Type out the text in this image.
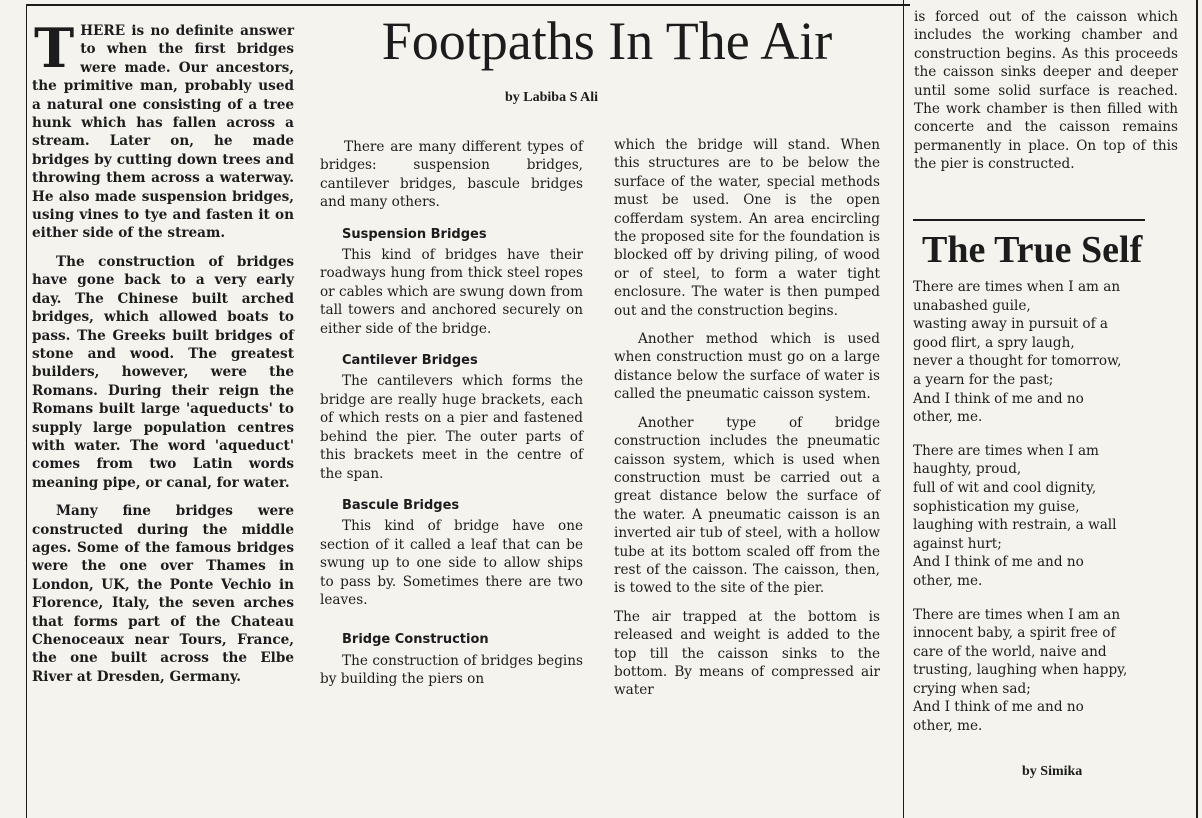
Footpaths In The Air
by Labiba S Ali

T HERE is no definite answer to when the first bridges were made. Our ancestors, the primitive man, probably used a natural one consisting of a tree hunk which has fallen across a stream. Later on, he made bridges by cutting down trees and throwing them across a waterway. He also made suspension bridges, using vines to tye and fasten it on either side of the stream.

The construction of bridges have gone back to a very early day. The Chinese built arched bridges, which allowed boats to pass. The Greeks built bridges of stone and wood. The greatest builders, however, were the Romans. During their reign the Romans built large 'aqueducts' to supply large population centres with water. The word 'aqueduct' comes from two Latin words meaning pipe, or canal, for water.

Many fine bridges were constructed during the middle ages. Some of the famous bridges were the one over Thames in London, UK, the Ponte Vechio in Florence, Italy, the seven arches that forms part of the Chateau Chenoceaux near Tours, France, the one built across the Elbe River at Dresden, Germany.

There are many different types of bridges: suspension bridges, cantilever bridges, bascule bridges and many others.

Suspension Bridges

This kind of bridges have their roadways hung from thick steel ropes or cables which are swung down from tall towers and anchored securely on either side of the bridge.

Cantilever Bridges

The cantilevers which forms the bridge are really huge brackets, each of which rests on a pier and fastened behind the pier. The outer parts of this brackets meet in the centre of the span.

Bascule Bridges

This kind of bridge have one section of it called a leaf that can be swung up to one side to allow ships to pass by. Sometimes there are two leaves.

Bridge Construction

The construction of bridges begins by building the piers on

which the bridge will stand. When this structures are to be below the surface of the water, special methods must be used. One is the open cofferdam system. An area encircling the proposed site for the foundation is blocked off by driving piling, of wood or of steel, to form a water tight enclosure. The water is then pumped out and the construction begins.

Another method which is used when construction must go on a large distance below the surface of water is called the pneumatic caisson system.

Another type of bridge construction includes the pneumatic caisson system, which is used when construction must be carried out a great distance below the surface of the water. A pneumatic caisson is an inverted air tub of steel, with a hollow tube at its bottom scaled off from the rest of the caisson. The caisson, then, is towed to the site of the pier.

The air trapped at the bottom is released and weight is added to the top till the caisson sinks to the bottom. By means of compressed air water

is forced out of the caisson which includes the working chamber and construction begins. As this proceeds the caisson sinks deeper and deeper until some solid surface is reached. The work chamber is then filled with concerte and the caisson remains permanently in place. On top of this the pier is constructed.

The True Self
There are times when I am an
unabashed guile,
wasting away in pursuit of a
good flirt, a spry laugh,
never a thought for tomorrow,
a yearn for the past;
And I think of me and no
other, me.
There are times when I am
haughty, proud,
full of wit and cool dignity,
sophistication my guise,
laughing with restrain, a wall
against hurt;
And I think of me and no
other, me.
There are times when I am an
innocent baby, a spirit free of
care of the world, naive and
trusting, laughing when happy,
crying when sad;
And I think of me and no
other, me.
by Simika
